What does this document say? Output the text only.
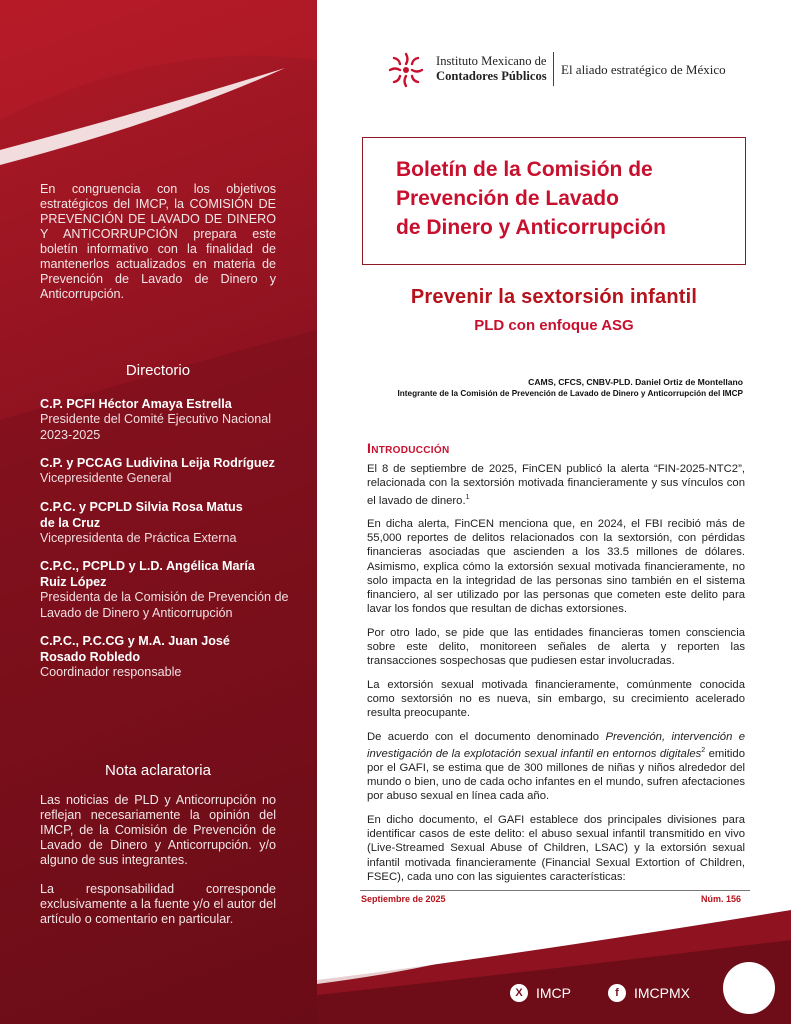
En congruencia con los objetivos estratégicos del IMCP, la COMISIÓN DE PREVENCIÓN DE LAVADO DE DINERO Y ANTICORRUPCIÓN prepara este boletín informativo con la finalidad de mantenerlos actualizados en materia de Prevención de Lavado de Dinero y Anticorrupción.
Directorio
C.P. PCFI Héctor Amaya Estrella
Presidente del Comité Ejecutivo Nacional 2023-2025
C.P. y PCCAG Ludivina Leija Rodríguez
Vicepresidente General
C.P.C. y PCPLD Silvia Rosa Matus de la Cruz
Vicepresidenta de Práctica Externa
C.P.C., PCPLD y L.D. Angélica María Ruiz López
Presidenta de la Comisión de Prevención de Lavado de Dinero y Anticorrupción
C.P.C., P.C.CG y M.A. Juan José Rosado Robledo
Coordinador responsable
Nota aclaratoria

Las noticias de PLD y Anticorrupción no reflejan necesariamente la opinión del IMCP, de la Comisión de Prevención de Lavado de Dinero y Anticorrupción. y/o alguno de sus integrantes.

La responsabilidad corresponde exclusivamente a la fuente y/o el autor del artículo o comentario en particular.

Instituto Mexicano de
Contadores Públicos El aliado estratégico de México
Boletín de la Comisión de
Prevención de Lavado
de Dinero y Anticorrupción
Prevenir la sextorsión infantil
PLD con enfoque ASG
CAMS, CFCS, CNBV-PLD. Daniel Ortiz de Montellano
Integrante de la Comisión de Prevención de Lavado de Dinero y Anticorrupción del IMCP
Introducción

El 8 de septiembre de 2025, FinCEN publicó la alerta “FIN-2025-NTC2”, relacionada con la sextorsión motivada financieramente y sus vínculos con el lavado de dinero.$^1$

En dicha alerta, FinCEN menciona que, en 2024, el FBI recibió más de 55,000 reportes de delitos relacionados con la sextorsión, con pérdidas financieras asociadas que ascienden a los 33.5 millones de dólares. Asimismo, explica cómo la extorsión sexual motivada financieramente, no solo impacta en la integridad de las personas sino también en el sistema financiero, al ser utilizado por las personas que cometen este delito para lavar los fondos que resultan de dichas extorsiones.

Por otro lado, se pide que las entidades financieras tomen consciencia sobre este delito, monitoreen señales de alerta y reporten las transacciones sospechosas que pudiesen estar involucradas.

La extorsión sexual motivada financieramente, comúnmente conocida como sextorsión no es nueva, sin embargo, su crecimiento acelerado resulta preocupante.

De acuerdo con el documento denominado Prevención, intervención e investigación de la explotación sexual infantil en entornos digitales$^2$ emitido por el GAFI, se estima que de 300 millones de niñas y niños alrededor del mundo o bien, uno de cada ocho infantes en el mundo, sufren afectaciones por abuso sexual en línea cada año.

En dicho documento, el GAFI establece dos principales divisiones para identificar casos de este delito: el abuso sexual infantil transmitido en vivo (Live-Streamed Sexual Abuse of Children, LSAC) y la extorsión sexual infantil motivada financieramente (Financial Sexual Extortion of Children, FSEC), cada uno con las siguientes características:

Septiembre de 2025	Núm. 156
X IMCP	f	IMCPMX
